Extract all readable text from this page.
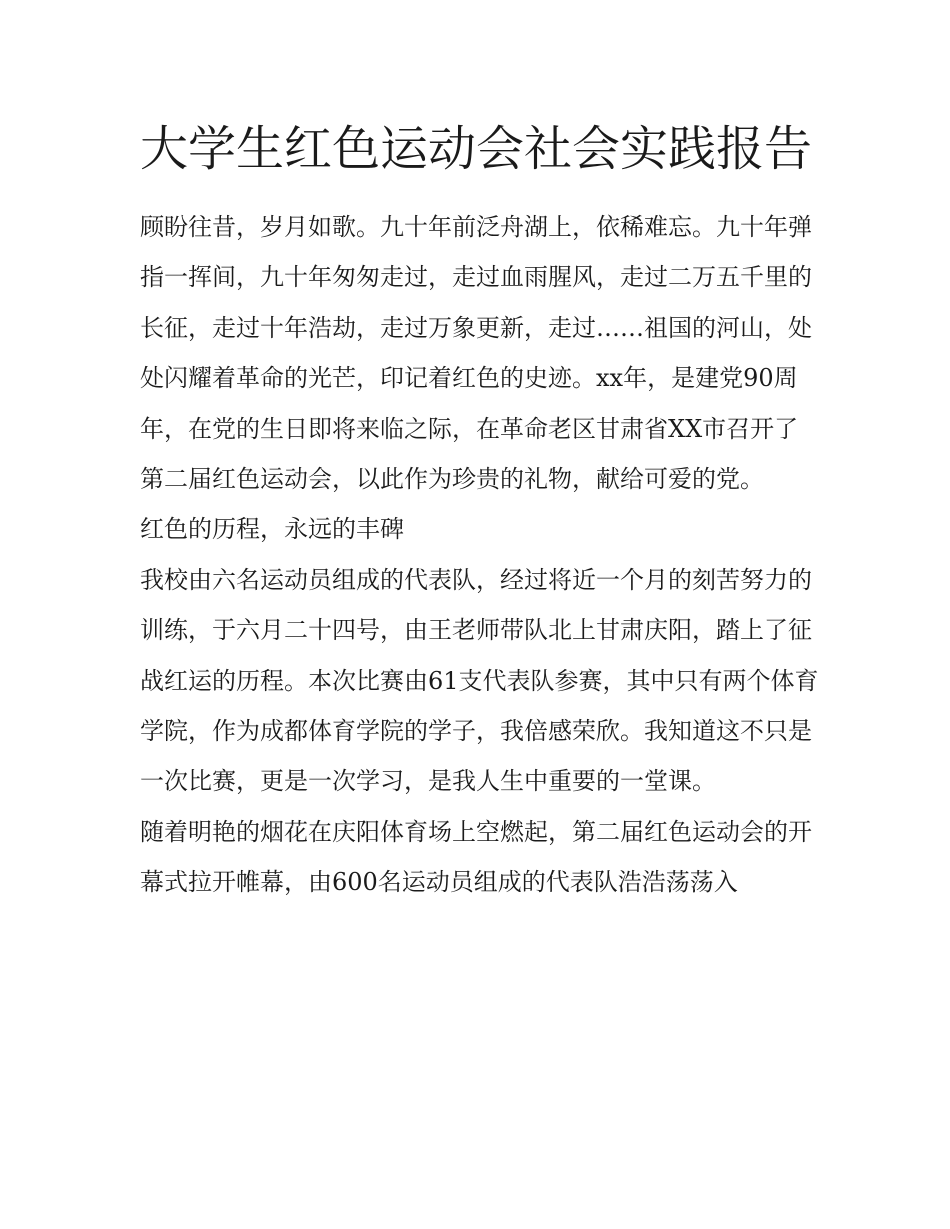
大学生红色运动会社会实践报告

顾盼往昔，岁月如歌。九十年前泛舟湖上，依稀难忘。九十年弹指一挥间，九十年匆匆走过，走过血雨腥风，走过二万五千里的长征，走过十年浩劫，走过万象更新，走过……祖国的河山，处处闪耀着革命的光芒，印记着红色的史迹。xx年，是建党90周年，在党的生日即将来临之际，在革命老区甘肃省XX市召开了第二届红色运动会，以此作为珍贵的礼物，献给可爱的党。

红色的历程，永远的丰碑

我校由六名运动员组成的代表队，经过将近一个月的刻苦努力的训练，于六月二十四号，由王老师带队北上甘肃庆阳，踏上了征战红运的历程。本次比赛由61支代表队参赛，其中只有两个体育学院，作为成都体育学院的学子，我倍感荣欣。我知道这不只是一次比赛，更是一次学习，是我人生中重要的一堂课。

随着明艳的烟花在庆阳体育场上空燃起，第二届红色运动会的开幕式拉开帷幕，由600名运动员组成的代表队浩浩荡荡入
